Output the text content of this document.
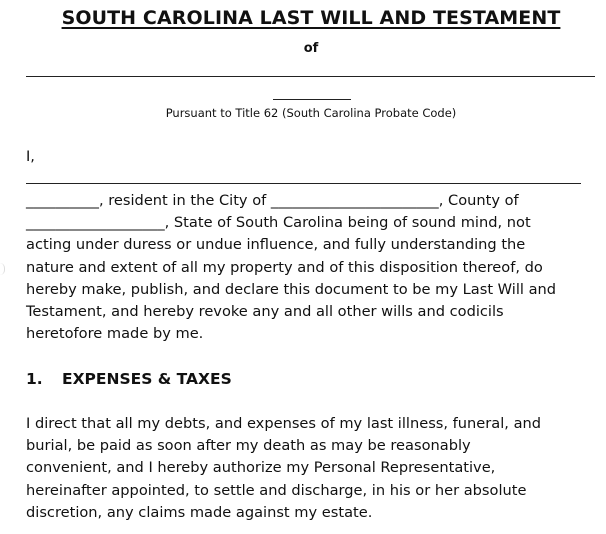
SOUTH CAROLINA LAST WILL AND TESTAMENT
of
Pursuant to Title 62 (South Carolina Probate Code)
I,
__________, resident in the City of _______________________, County of
___________________, State of South Carolina being of sound mind, not
acting under duress or undue influence, and fully understanding the
nature and extent of all my property and of this disposition thereof, do
hereby make, publish, and declare this document to be my Last Will and
Testament, and hereby revoke any and all other wills and codicils
heretofore made by me.
1. EXPENSES & TAXES
I direct that all my debts, and expenses of my last illness, funeral, and
burial, be paid as soon after my death as may be reasonably
convenient, and I hereby authorize my Personal Representative,
hereinafter appointed, to settle and discharge, in his or her absolute
discretion, any claims made against my estate.
